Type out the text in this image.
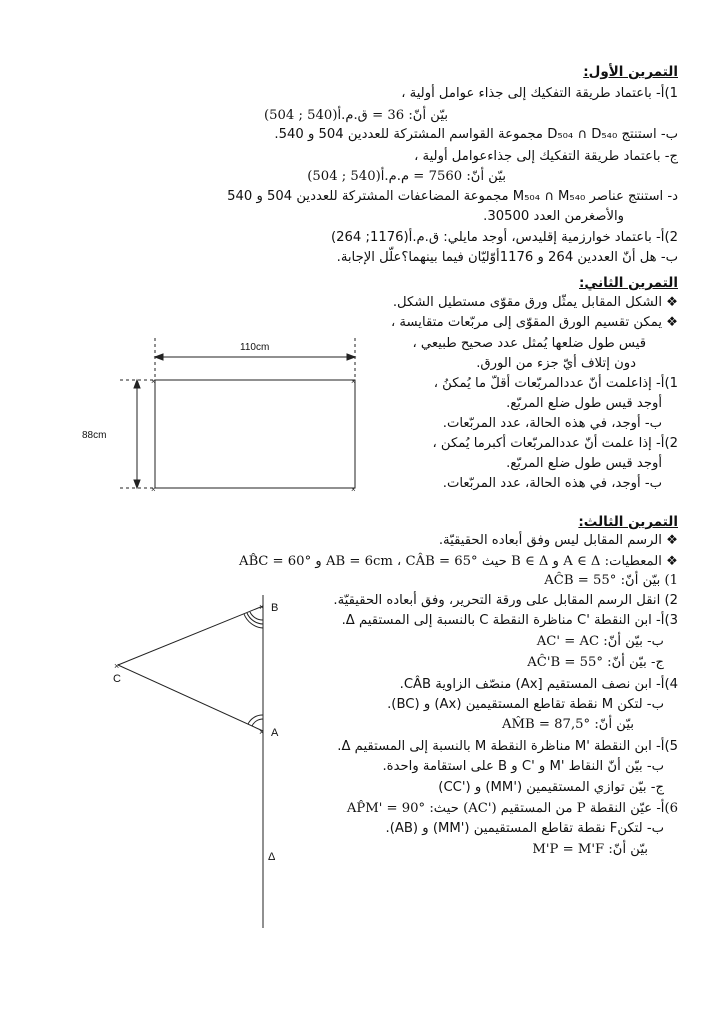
التمرين الأول:
1)أ- باعتماد طريقة التفكيك إلى جذاء عوامل أولية ،
بيّن أنّ: 36 = ق.م.أ(540 ; 504)
ب- استنتج D₅₀₄ ∩ D₅₄₀ مجموعة القواسم المشتركة للعددين 504 و 540.
ج- باعتماد طريقة التفكيك إلى جذاءعوامل أولية ،
بيّن أنّ: 7560 = م.م.أ(540 ; 504)
د- استنتج عناصر M₅₀₄ ∩ M₅₄₀ مجموعة المضاعفات المشتركة للعددين 504 و 540
والأصغرمن العدد 30500.
2)أ- باعتماد خوارزمية إقليدس، أوجد مايلي: ق.م.أ(1176; 264)
ب- هل أنّ العددين 264 و 1176أوّليّان فيما بينهما؟علّل الإجابة.
التمرين الثاني:
❖ الشكل المقابل يمثّل ورق مقوّى مستطيل الشكل.
❖ يمكن تقسيم الورق المقوّى إلى مربّعات متقايسة ،
قيس طول ضلعها يُمثل عدد صحيح طبيعي ،
دون إتلاف أيّ جزء من الورق.
1)أ- إذاعلمت أنّ عددالمربّعات أقلّ ما يُمكنُ ،
أوجد قيس طول ضلع المربّع.
ب- أوجد، في هذه الحالة، عدد المربّعات.
2)أ- إذا علمت أنّ عددالمربّعات أكبرما يُمكن ،
أوجد قيس طول ضلع المربّع.
ب- أوجد، في هذه الحالة، عدد المربّعات.
التمرين الثالث:
❖ الرسم المقابل ليس وفق أبعاده الحقيقيّة.
❖ المعطيات: A ∈ Δ و B ∈ Δ حيث AB = 6cm ، CÂB = 65° و AB̂C = 60°
1) بيّن أنّ: AĈB = 55°
2) انقل الرسم المقابل على ورقة التحرير، وفق أبعاده الحقيقيّة.
3)أ- ابن النقطة 'C مناظرة النقطة C بالنسبة إلى المستقيم Δ.
ب- بيّن أنّ: AC' = AC
ج- بيّن أنّ: AĈ'B = 55°
4)أ- ابن نصف المستقيم [Ax) منصّف الزاوية CÂB.
ب- لتكن M نقطة تقاطع المستقيمين (Ax) و (BC).
بيّن أنّ: AM̂B = 87,5°
5)أ- ابن النقطة 'M مناظرة النقطة M بالنسبة إلى المستقيم Δ.
ب- بيّن أنّ النقاط 'M و 'C و B على استقامة واحدة.
ج- بيّن توازي المستقيمين ('MM) و ('CC)
6)أ- عيّن النقطة P من المستقيم ('AC) حيث: AP̂M' = 90°
ب- لتكنF نقطة تقاطع المستقيمين ('MM) و (AB).
بيّن أنّ: M'P = M'F
×	×
×	×
110cm
88cm
×
×
×
B
A
C
Δ
